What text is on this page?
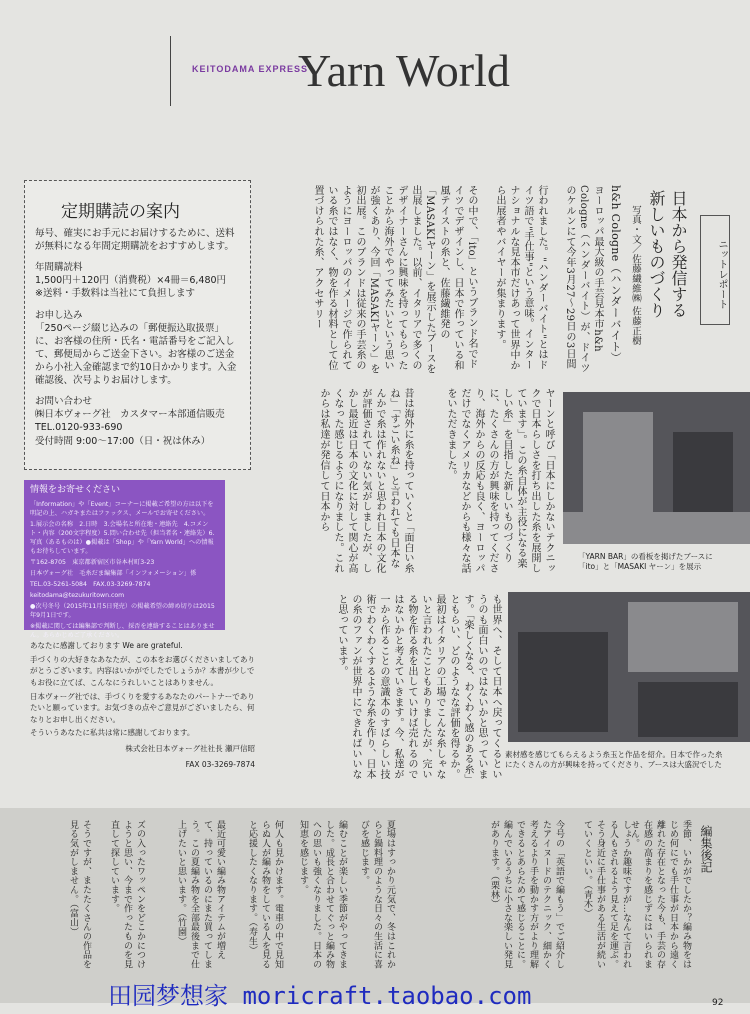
KEITODAMA EXPRESS
Yarn World
定期購読の案内

毎号、確実にお手元にお届けするために、送料が無料になる年間定期購読をおすすめします。

年間購読料

1,500円＋120円（消費税）×4冊＝6,480円

※送料・手数料は当社にて負担します

お申し込み

「250ページ綴じ込みの「郵便振込取扱票」に、お客様の住所・氏名・電話番号をご記入して、郵便局からご送金下さい。お客様のご送金から小社入金確認まで約10日かかります。入金確認後、次号よりお届けします。

お問い合わせ

㈱日本ヴォーグ社　カスタマー本部通信販売

TEL.0120-933-690

受付時間 9:00～17:00（日・祝は休み）

情報をお寄せください

「Information」や「Event」コーナーに掲載ご希望の方は以下を明記の上、ハガキまたはファックス、メールでお寄せください。

1.展示会の名称　2.日時　3.会場名と所在地・連絡先　4.コメント・内容（200文字程度）5.問い合わせ先（担当者名・連絡先）6.写真（あるものは）●掲載は「Shop」や「Yarn World」への情報もお待ちしています。

〒162-8705　東京都新宿区市谷本村町3-23

日本ヴォーグ社　毛糸だま編集部「インフォメーション」係

TEL.03-5261-5084　FAX.03-3269-7874

keitodama@tezukuritown.com

●次号冬号（2015年11月5日発売）の掲載希望の締め切りは2015年9月1日です。

※掲載に関しては編集部で判断し、採否を連絡することはありません。あらかじめご了承ください。

あなたに感謝しております We are grateful.

手づくりの大好きなあなたが、この本をお選びくださいましてありがとうございます。内容はいかがでしたでしょうか？本書が少しでもお役に立てば、こんなにうれしいことはありません。

日本ヴォーグ社では、手づくりを愛するあなたのパートナーでありたいと願っています。お気づきの点やご意見がございましたら、何なりとお申し出ください。

そういうあなたに私共は常に感謝しております。

株式会社日本ヴォーグ社社長 瀬戸信昭

FAX 03-3269-7874

ニットレポート
日本から発信する
新しいものづくり
写真・文／佐藤繊維㈱ 佐藤正樹
h&h Cologne（ハンダーバイト）
ヨーロッパ最大級の手芸見本市h&h
Cologne（ハンダーバイト）が、ドイツのケルンにて今年3月27～29日の3日間
行われました。"ハンダーバイト"とはドイツ語で"手仕事"という意味。インターナショナルな見本市だけあって世界中から出展者やバイヤーが集まります。
その中で、「ito」というブランド名でドイツでデザインし、日本で作っている和風テイストの糸と、佐藤繊維発の「MASAKIヤーン」を展示したブースを出展しました。以前、イタリアで多くのデザイナーさんに興味を持ってもらったことから海外でやってみたいという思いが強くあり、今回「MASAKIヤーン」を初出展。このブランドは従来の手芸糸のようにヨーロッパのイメージで作られている糸ではなく、物を作る材料として位置づけられた糸、アクセサリー
ヤーンと呼び「日本にしかないテクニックで日本らしさを打ち出した糸を展開しています」。この糸自体が主役になる楽しい糸」を目指した新しいものづくりに、たくさんの方が興味を持ってくださり、海外からの反応も良く、ヨーロッパだけでなくアメリカなどからも様々な話をいただきました。
昔は海外に糸を持っていくと「面白い糸ね」「すごい糸ね」と言われても日本なんかで糸は作れないと思われ日本の文化が評価されていない気がしましたが、しかし最近は日本の文化に対して関心が高くなった感じるようになりました。これからは私達が発信して日本から
も世界へ、そして日本へ戻ってくるというのも面白いのではないかと思っています。「楽しくなる、わくわく感のある糸」ともらい、どのようなな評価を得るか。最初はイタリアの工場でこんな糸しゃないと言われたこともありましたが、完いる物を作る糸を出していけば売れるのではないかと考えていきます。今、私達が一から作ることの意識本のすばらしい技術でわくわくするような糸を作り、日本の糸のファンが世界中にできればいいなと思っています。
「YARN BAR」の看板を掲げたブースに
「ito」と「MASAKI ヤーン」を展示
素材感を感じてもらえるよう糸玉と作品を紹介。日本で作った糸
にたくさんの方が興味を持ってくださり、ブースは大盛況でした
編集後記
季節、いかがでしたか？編み物をはじめ何にでも手仕事が日本から遠く離れた存在となった今も、手芸の存在感の高まりを感じずにはいられません。
しょうか趣味ですが…なんて言われる人もされるよう見えて足を運ぶ。そう身近に手仕事がある生活が続いていくといい。（青木）
今号の「英語で編もう」でご紹介したアイヌードのテクニック、細かく考えるより手を動かす方がより理解できるとあらためて感じることに。編んでいるうちに小さな楽しい発見があります。（栗林）
夏場はすっかり元気で、冬はこれからと鍋料理のような日々の生活に喜びを感じます。
編むことが楽しい季節がやってきました。成長と合わせてぐっと編み物への思いも強くなりました。日本の知恵を感じます。
何人も見かけます。電車の中で見知らぬ人が編み物をしている人を見ると応援したくなります。（寿生）
最近可愛い編み物アイテムが増えて、持っているのにまた買ってしまう。この夏編み物を全部最後まで仕上げたいと思います。（竹園）
ズの入ったワッペンをどこかにつけようと思い、今まで作ったものを見直して探しています。
そうですが、またたくさんの作品を見る気がしません。（富山）
田园梦想家 moricraft.taobao.com	92
